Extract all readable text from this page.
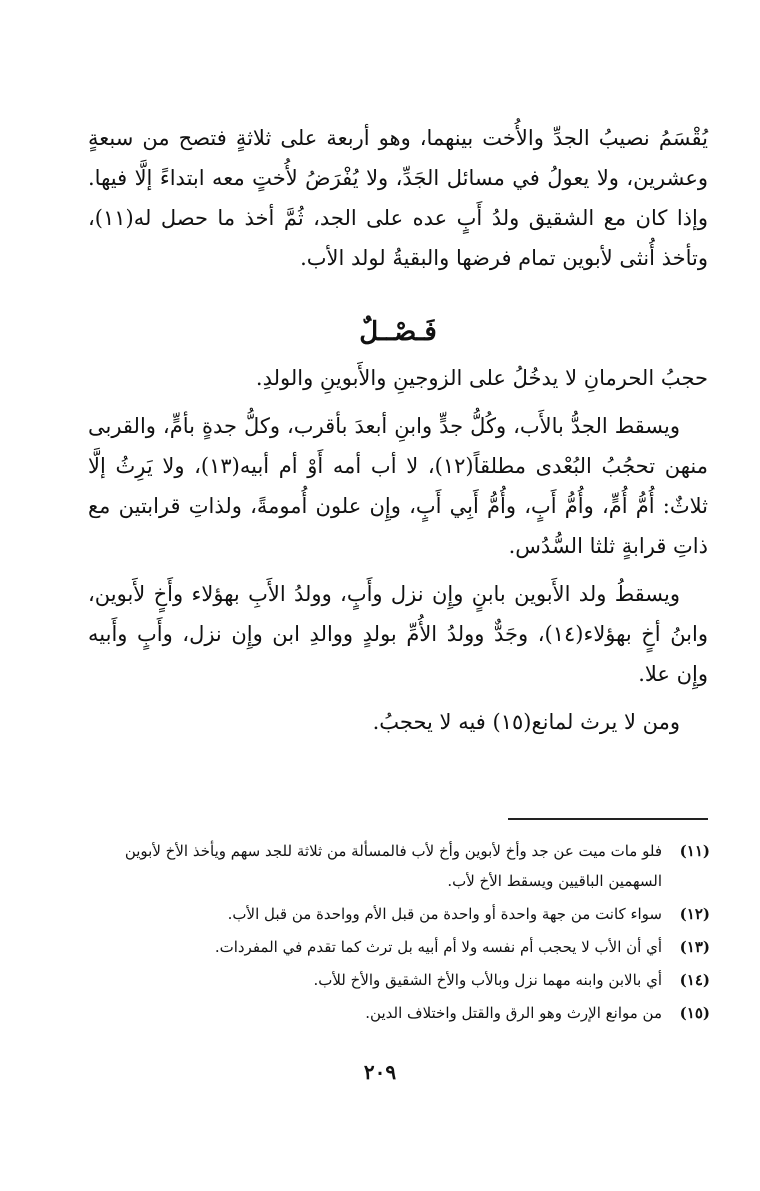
يُقْسَمُ نصيبُ الجدِّ والأُخت بينهما، وهو أربعة على ثلاثةٍ فتصح من سبعةٍ وعشرين، ولا يعولُ في مسائل الجَدِّ، ولا يُفْرَضُ لأُختٍ معه ابتداءً إلَّا فيها. وإذا كان مع الشقيق ولدُ أَبٍ عده على الجد، ثُمَّ أخذ ما حصل له(١١)، وتأخذ أُنثى لأبوين تمام فرضها والبقيةُ لولد الأب.

فَـصْــلٌ

حجبُ الحرمانِ لا يدخُلُ على الزوجينِ والأَبوينِ والولدِ.

ويسقط الجدُّ بالأَب، وكُلُّ جدٍّ وابنِ أبعدَ بأقرب، وكلُّ جدةٍ بأمٍّ، والقربى منهن تحجُبُ البُعْدى مطلقاً(١٢)، لا أب أمه أَوْ أم أبيه(١٣)، ولا يَرِثُ إلَّا ثلاثٌ: أُمُّ أُمٍّ، وأُمُّ أَبٍ، وأُمُّ أَبِي أَبٍ، وإِن علون أُمومةً، ولذاتِ قرابتين مع ذاتِ قرابةٍ ثلثا السُّدُس.

ويسقطُ ولد الأَبوين بابنٍ وإِن نزل وأَبٍ، وولدُ الأَبِ بهؤلاء وأَخٍ لأَبوين، وابنُ أخٍ بهؤلاء(١٤)، وجَدٌّ وولدُ الأُمِّ بولدٍ ووالدِ ابن وإِن نزل، وأَبٍ وأَبيه وإِن علا.

ومن لا يرث لمانع(١٥) فيه لا يحجبُ.

(١١)فلو مات ميت عن جد وأخ لأبوين وأخ لأب فالمسألة من ثلاثة للجد سهم ويأخذ الأخ لأبوين السهمين الباقيين ويسقط الأخ لأب.

(١٢)سواء كانت من جهة واحدة أو واحدة من قبل الأم وواحدة من قبل الأب.

(١٣)أي أن الأب لا يحجب أم نفسه ولا أم أبيه بل ترث كما تقدم في المفردات.

(١٤)أي بالابن وابنه مهما نزل وبالأب والأخ الشقيق والأخ للأب.

(١٥)من موانع الإرث وهو الرق والقتل واختلاف الدين.

٢٠٩
